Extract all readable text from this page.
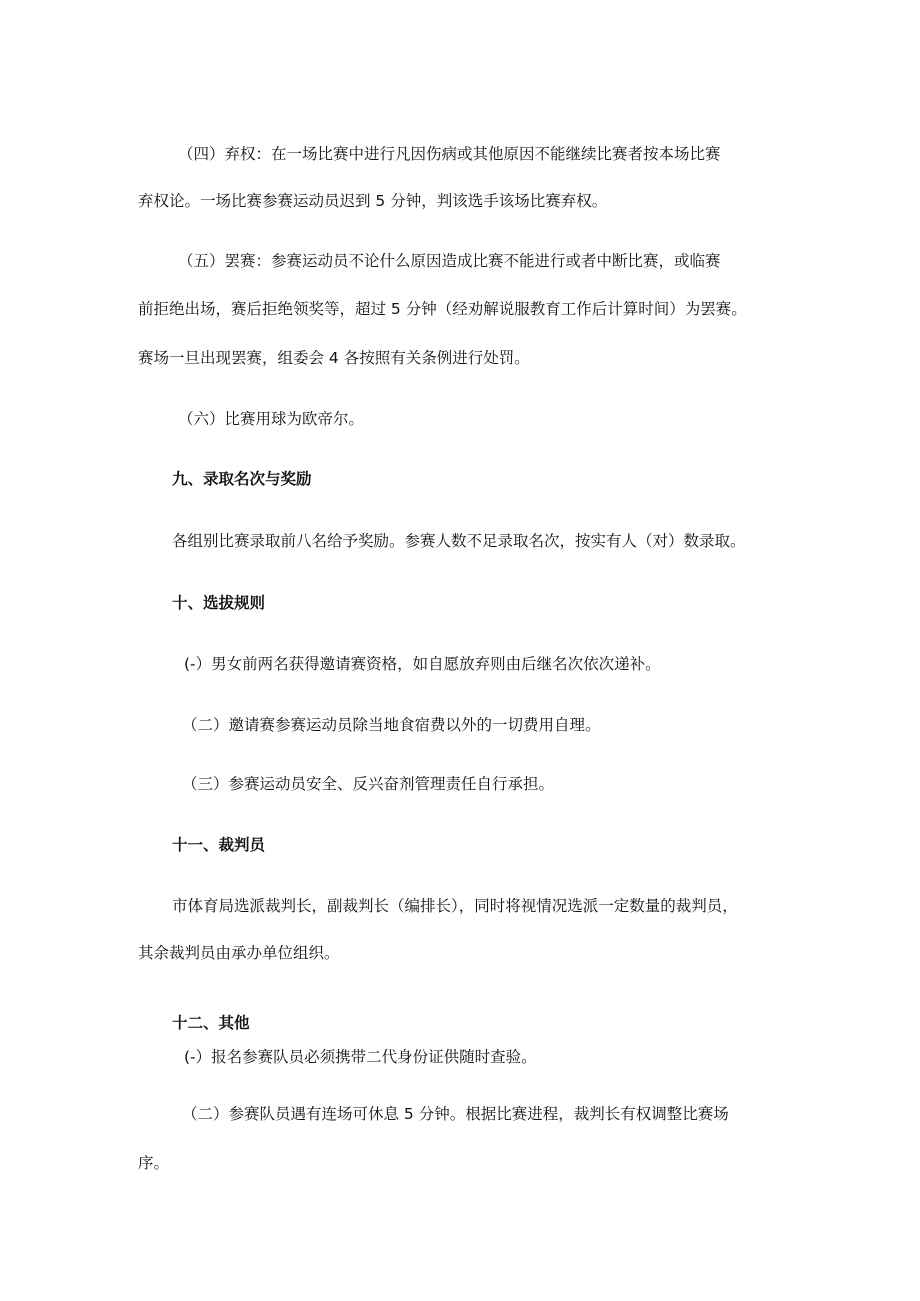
（四）弃权：在一场比赛中进行凡因伤病或其他原因不能继续比赛者按本场比赛

弃权论。一场比赛参赛运动员迟到 5 分钟，判该选手该场比赛弃权。

（五）罢赛：参赛运动员不论什么原因造成比赛不能进行或者中断比赛，或临赛

前拒绝出场，赛后拒绝领奖等，超过 5 分钟（经劝解说服教育工作后计算时间）为罢赛。

赛场一旦出现罢赛，组委会 4 各按照有关条例进行处罚。

（六）比赛用球为欧帝尔。

九、录取名次与奖励

各组别比赛录取前八名给予奖励。参赛人数不足录取名次，按实有人（对）数录取。

十、选拔规则

(-）男女前两名获得邀请赛资格，如自愿放弃则由后继名次依次递补。

（二）邀请赛参赛运动员除当地食宿费以外的一切费用自理。

（三）参赛运动员安全、反兴奋剂管理责任自行承担。

十一、裁判员

市体育局选派裁判长，副裁判长（编排长），同时将视情况选派一定数量的裁判员，

其余裁判员由承办单位组织。

十二、其他

(-）报名参赛队员必须携带二代身份证供随时查验。

（二）参赛队员遇有连场可休息 5 分钟。根据比赛进程，裁判长有权调整比赛场

序。
